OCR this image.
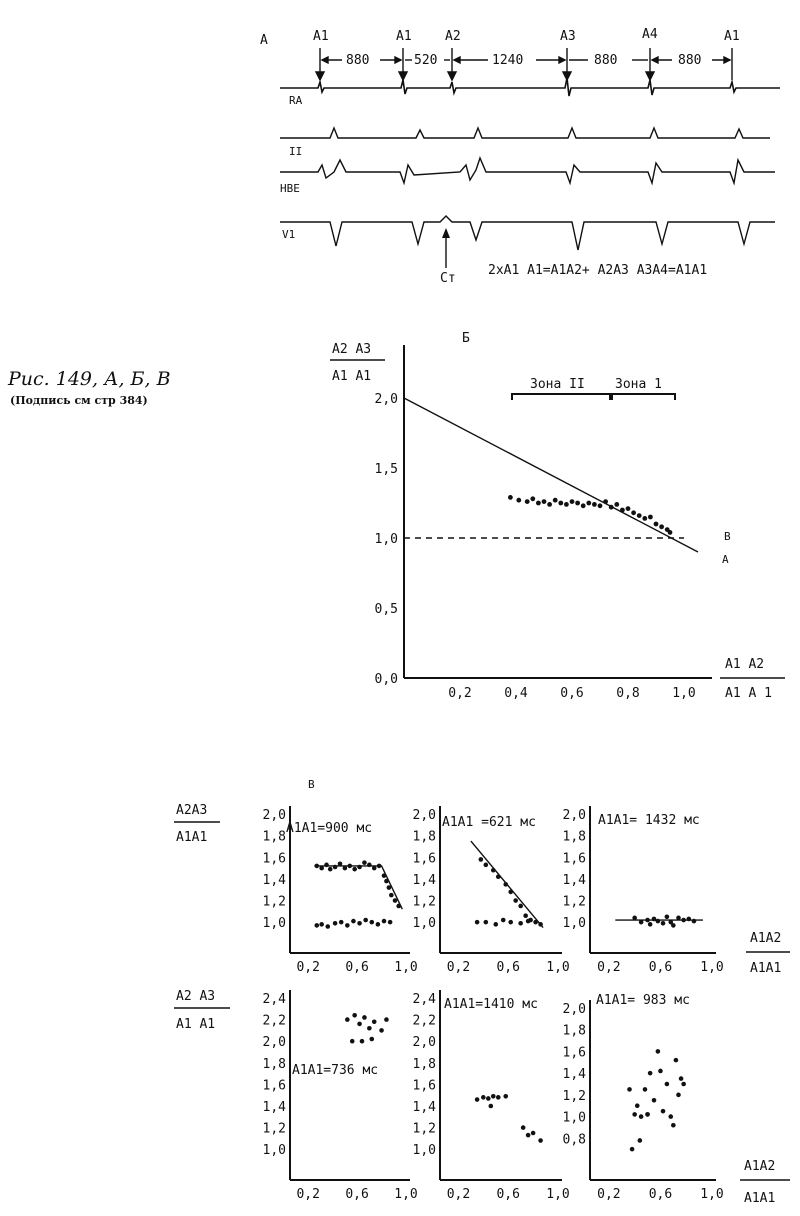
Рис. 149, А, Б, В
(Подпись см стр 384)
А	A1	A1	A2	A3	A4	A1
880	520	1240	880	880
RA
II
HBE
V1
Ст
2xA1 A1=A1A2+ A2A3 A3A4=A1A1
Б
A2 A3
A1 A1
A1 A2
A1 A 1
Зона II Зона 1
0,0
0,5
1,0
1,5
2,0
0,2	0,4	0,6	0,8	1,0
A
B
В
A2A3
A1A1
A2 A3
A1 A1
A1A2
A1A1
A1A2
A1A1
1,0
1,2
1,4
1,6
1,8
2,0
0,2 0,6 1,0
A1A1=900 мс
1,0
1,2
1,4
1,6
1,8
2,0
0,2 0,6 1,0
A1A1 =621 мс
1,0
1,2
1,4
1,6
1,8
2,0
0,2 0,6 1,0
A1A1= 1432 мс
1,0
1,2
1,4
1,6
1,8
2,0
2,2
2,4
0,2 0,6 1,0
A1A1=736 мс
1,0
1,2
1,4
1,6
1,8
2,0
2,2
2,4
0,2 0,6 1,0
A1A1=1410 мс
0,8
1,0
1,2
1,4
1,6
1,8
2,0
0,2 0,6 1,0
A1A1= 983 мс
